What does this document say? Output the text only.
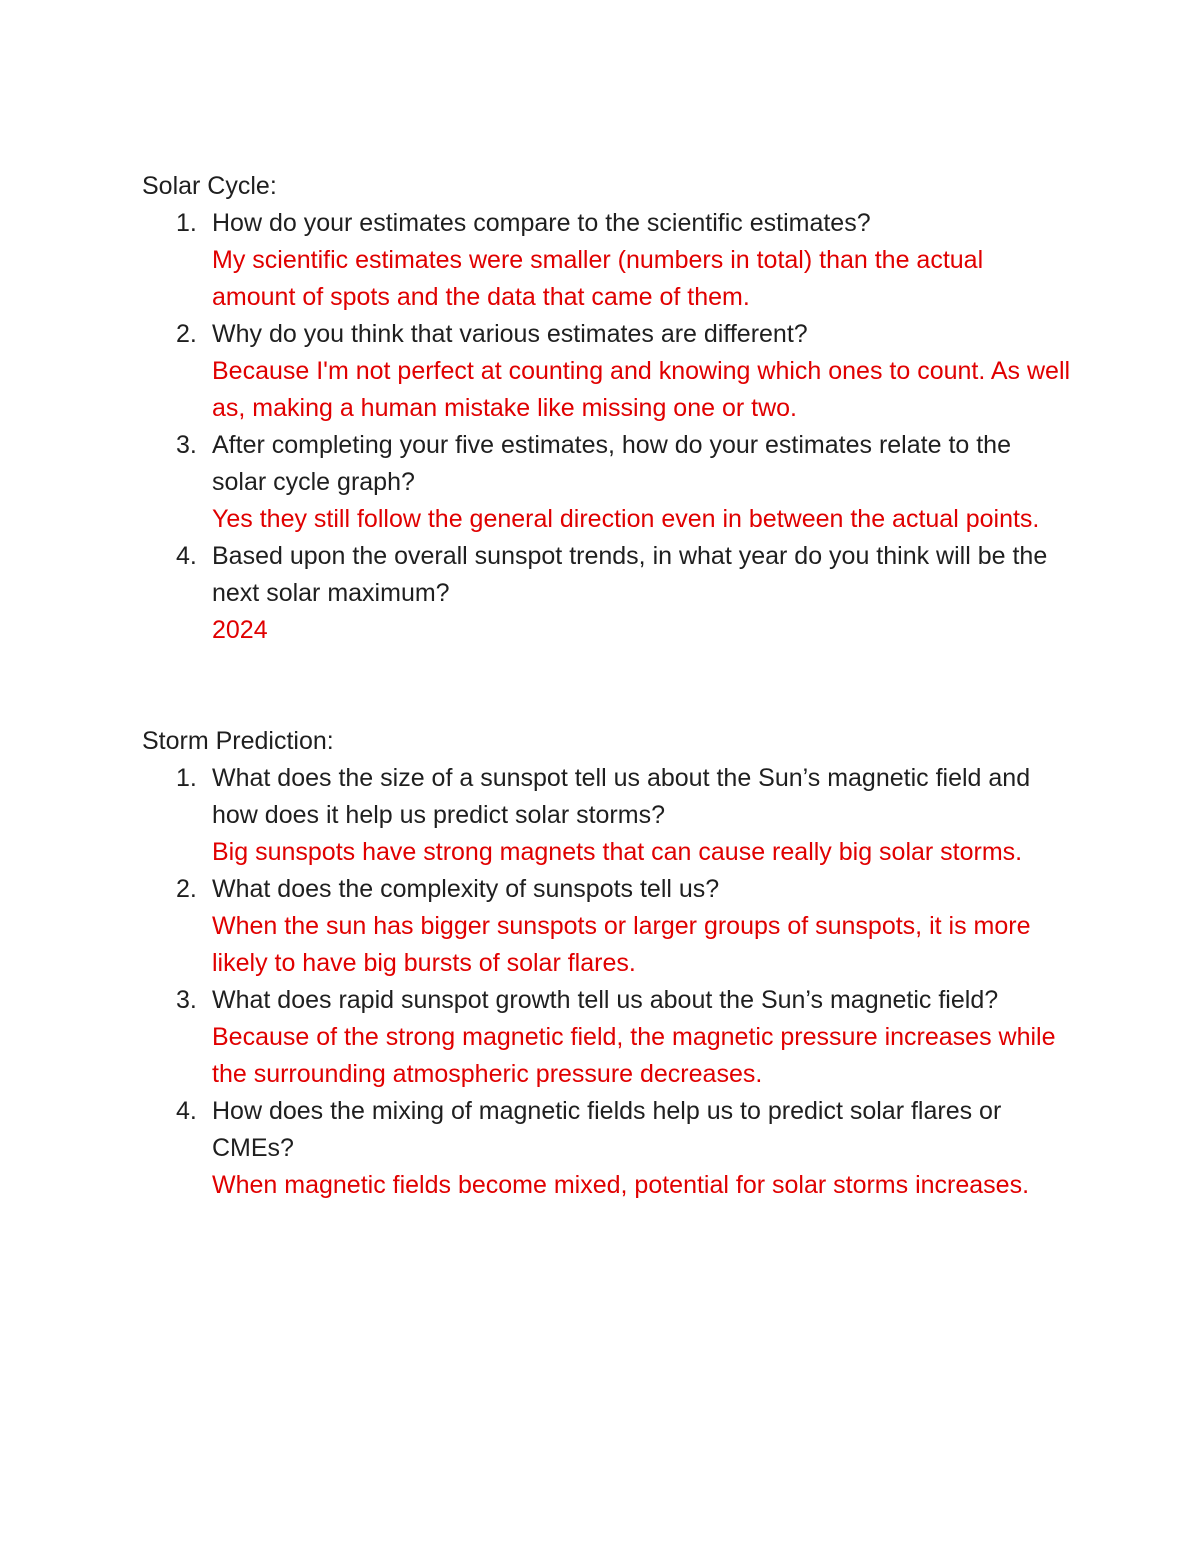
Solar Cycle:
1. How do your estimates compare to the scientific estimates?
My scientific estimates were smaller (numbers in total) than the actual amount of spots and the data that came of them.
2. Why do you think that various estimates are different?
Because I'm not perfect at counting and knowing which ones to count. As well as, making a human mistake like missing one or two.
3. After completing your five estimates, how do your estimates relate to the solar cycle graph?
Yes they still follow the general direction even in between the actual points.
4. Based upon the overall sunspot trends, in what year do you think will be the next solar maximum?
2024
Storm Prediction:
1. What does the size of a sunspot tell us about the Sun’s magnetic field and how does it help us predict solar storms?
Big sunspots have strong magnets that can cause really big solar storms.
2. What does the complexity of sunspots tell us?
When the sun has bigger sunspots or larger groups of sunspots, it is more likely to have big bursts of solar flares.
3. What does rapid sunspot growth tell us about the Sun’s magnetic field?
Because of the strong magnetic field, the magnetic pressure increases while the surrounding atmospheric pressure decreases.
4. How does the mixing of magnetic fields help us to predict solar flares or CMEs?
When magnetic fields become mixed, potential for solar storms increases.
